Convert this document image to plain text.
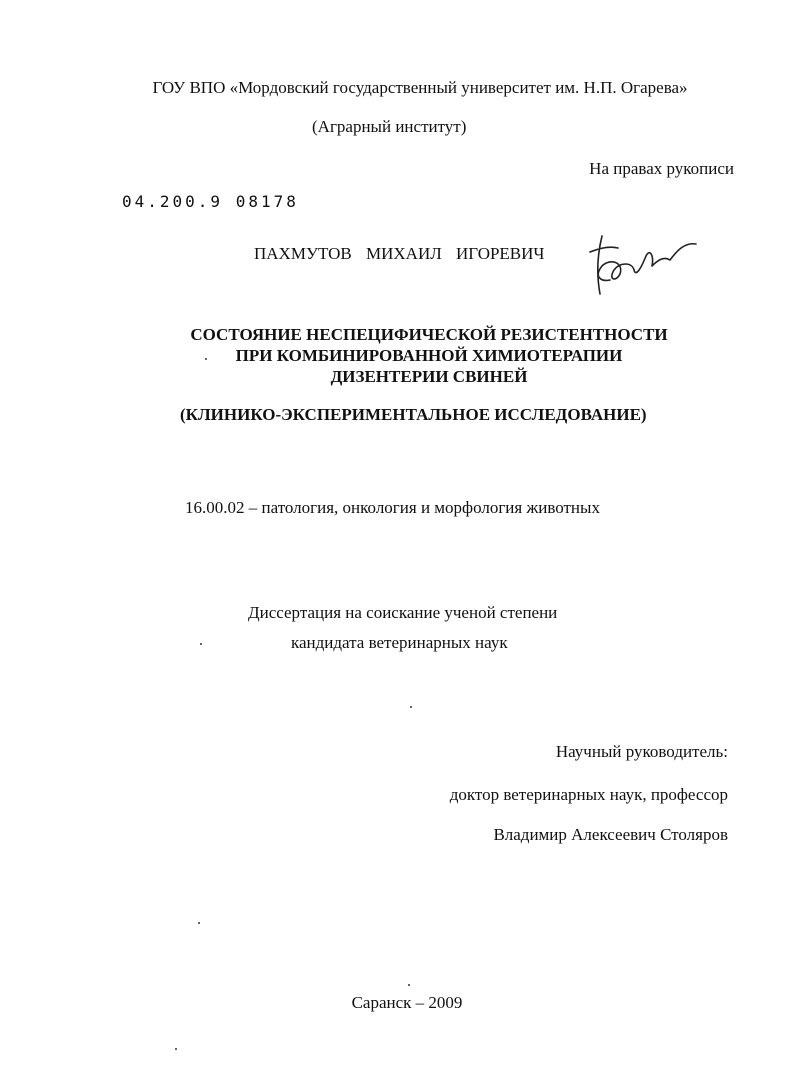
ГОУ ВПО «Мордовский государственный университет им. Н.П. Огарева»
(Аграрный институт)
На правах рукописи
04.200.9 08178
ПАХМУТОВ МИХАИЛ ИГОРЕВИЧ
СОСТОЯНИЕ НЕСПЕЦИФИЧЕСКОЙ РЕЗИСТЕНТНОСТИ
ПРИ КОМБИНИРОВАННОЙ ХИМИОТЕРАПИИ
ДИЗЕНТЕРИИ СВИНЕЙ
(КЛИНИКО-ЭКСПЕРИМЕНТАЛЬНОЕ ИССЛЕДОВАНИЕ)
16.00.02 – патология, онкология и морфология животных
Диссертация на соискание ученой степени
кандидата ветеринарных наук
Научный руководитель:
доктор ветеринарных наук, профессор
Владимир Алексеевич Столяров
Саранск – 2009
